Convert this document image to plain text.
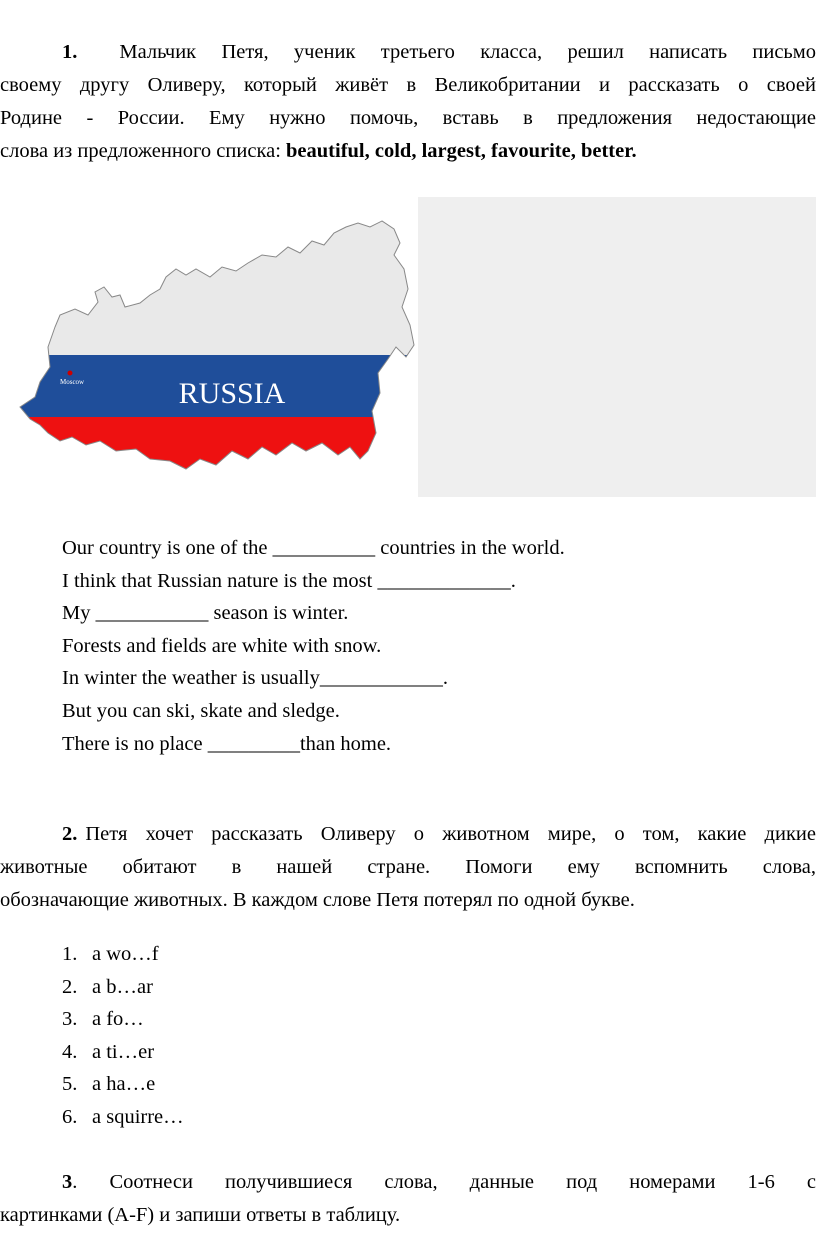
1. Мальчик Петя, ученик третьего класса, решил написать письмо
своему другу Оливеру, который живёт в Великобритании и рассказать о своей
Родине - России. Ему нужно помочь, вставь в предложения недостающие
слова из предложенного списка: beautiful, cold, largest, favourite, better.
Moscow	RUSSIA
Our country is one of the __________ countries in the world.
I think that Russian nature is the most _____________.
My ___________ season is winter.
Forests and fields are white with snow.
In winter the weather is usually____________.
But you can ski, skate and sledge.
There is no place _________than home.
2. Петя хочет рассказать Оливеру о животном мире, о том, какие дикие
животные обитают в нашей стране. Помоги ему вспомнить слова,
обозначающие животных. В каждом слове Петя потерял по одной букве.
1. a wo…f
2. a b…ar
3. a fo…
4. a ti…er
5. a ha…e
6. a squirre…
3. Соотнеси получившиеся слова, данные под номерами 1-6 с
картинками (A-F) и запиши ответы в таблицу.
